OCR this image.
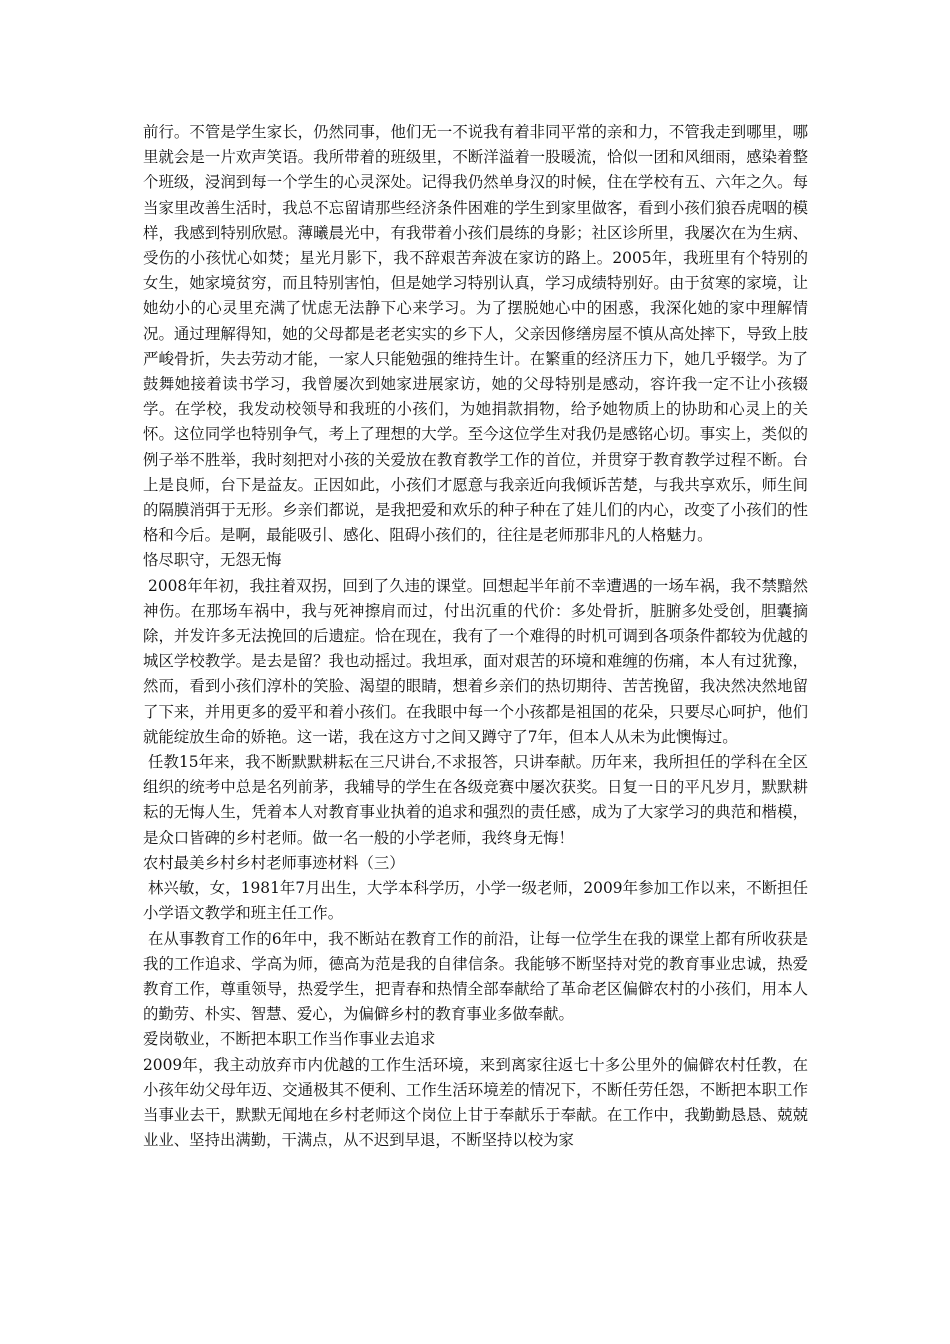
前行。不管是学生家长，仍然同事，他们无一不说我有着非同平常的亲和力，不管我走到哪里，哪里就会是一片欢声笑语。我所带着的班级里，不断洋溢着一股暖流，恰似一团和风细雨，感染着整个班级，浸润到每一个学生的心灵深处。记得我仍然单身汉的时候，住在学校有五、六年之久。每当家里改善生活时，我总不忘留请那些经济条件困难的学生到家里做客，看到小孩们狼吞虎咽的模样，我感到特别欣慰。薄曦晨光中，有我带着小孩们晨练的身影；社区诊所里，我屡次在为生病、受伤的小孩忧心如焚；星光月影下，我不辞艰苦奔波在家访的路上。2005年，我班里有个特别的女生，她家境贫穷，而且特别害怕，但是她学习特别认真，学习成绩特别好。由于贫寒的家境，让她幼小的心灵里充满了忧虑无法静下心来学习。为了摆脱她心中的困惑，我深化她的家中理解情况。通过理解得知，她的父母都是老老实实的乡下人，父亲因修缮房屋不慎从高处摔下，导致上肢严峻骨折，失去劳动才能，一家人只能勉强的维持生计。在繁重的经济压力下，她几乎辍学。为了鼓舞她接着读书学习，我曾屡次到她家进展家访，她的父母特别是感动，容许我一定不让小孩辍学。在学校，我发动校领导和我班的小孩们，为她捐款捐物，给予她物质上的协助和心灵上的关怀。这位同学也特别争气，考上了理想的大学。至今这位学生对我仍是感铭心切。事实上，类似的例子举不胜举，我时刻把对小孩的关爱放在教育教学工作的首位，并贯穿于教育教学过程不断。台上是良师，台下是益友。正因如此，小孩们才愿意与我亲近向我倾诉苦楚，与我共享欢乐，师生间的隔膜消弭于无形。乡亲们都说，是我把爱和欢乐的种子种在了娃儿们的内心，改变了小孩们的性格和今后。是啊，最能吸引、感化、阻碍小孩们的，往往是老师那非凡的人格魅力。

恪尽职守，无怨无悔

2008年年初，我拄着双拐，回到了久违的课堂。回想起半年前不幸遭遇的一场车祸，我不禁黯然神伤。在那场车祸中，我与死神擦肩而过，付出沉重的代价：多处骨折，脏腑多处受创，胆囊摘除，并发许多无法挽回的后遗症。恰在现在，我有了一个难得的时机可调到各项条件都较为优越的城区学校教学。是去是留？我也动摇过。我坦承，面对艰苦的环境和难缠的伤痛，本人有过犹豫，然而，看到小孩们淳朴的笑脸、渴望的眼睛，想着乡亲们的热切期待、苦苦挽留，我决然决然地留了下来，并用更多的爱平和着小孩们。在我眼中每一个小孩都是祖国的花朵，只要尽心呵护，他们就能绽放生命的娇艳。这一诺，我在这方寸之间又蹲守了7年，但本人从未为此懊悔过。

任教15年来，我不断默默耕耘在三尺讲台,不求报答，只讲奉献。历年来，我所担任的学科在全区组织的统考中总是名列前茅，我辅导的学生在各级竞赛中屡次获奖。日复一日的平凡岁月，默默耕耘的无悔人生，凭着本人对教育事业执着的追求和强烈的责任感，成为了大家学习的典范和楷模，是众口皆碑的乡村老师。做一名一般的小学老师，我终身无悔！

农村最美乡村乡村老师事迹材料（三）

林兴敏，女，1981年7月出生，大学本科学历，小学一级老师，2009年参加工作以来，不断担任小学语文教学和班主任工作。

在从事教育工作的6年中，我不断站在教育工作的前沿，让每一位学生在我的课堂上都有所收获是我的工作追求、学高为师，德高为范是我的自律信条。我能够不断坚持对党的教育事业忠诚，热爱教育工作，尊重领导，热爱学生，把青春和热情全部奉献给了革命老区偏僻农村的小孩们，用本人的勤劳、朴实、智慧、爱心，为偏僻乡村的教育事业多做奉献。

爱岗敬业，不断把本职工作当作事业去追求

2009年，我主动放弃市内优越的工作生活环境，来到离家往返七十多公里外的偏僻农村任教，在小孩年幼父母年迈、交通极其不便利、工作生活环境差的情况下，不断任劳任怨，不断把本职工作当事业去干，默默无闻地在乡村老师这个岗位上甘于奉献乐于奉献。在工作中，我勤勤恳恳、兢兢业业、坚持出满勤，干满点，从不迟到早退，不断坚持以校为家
